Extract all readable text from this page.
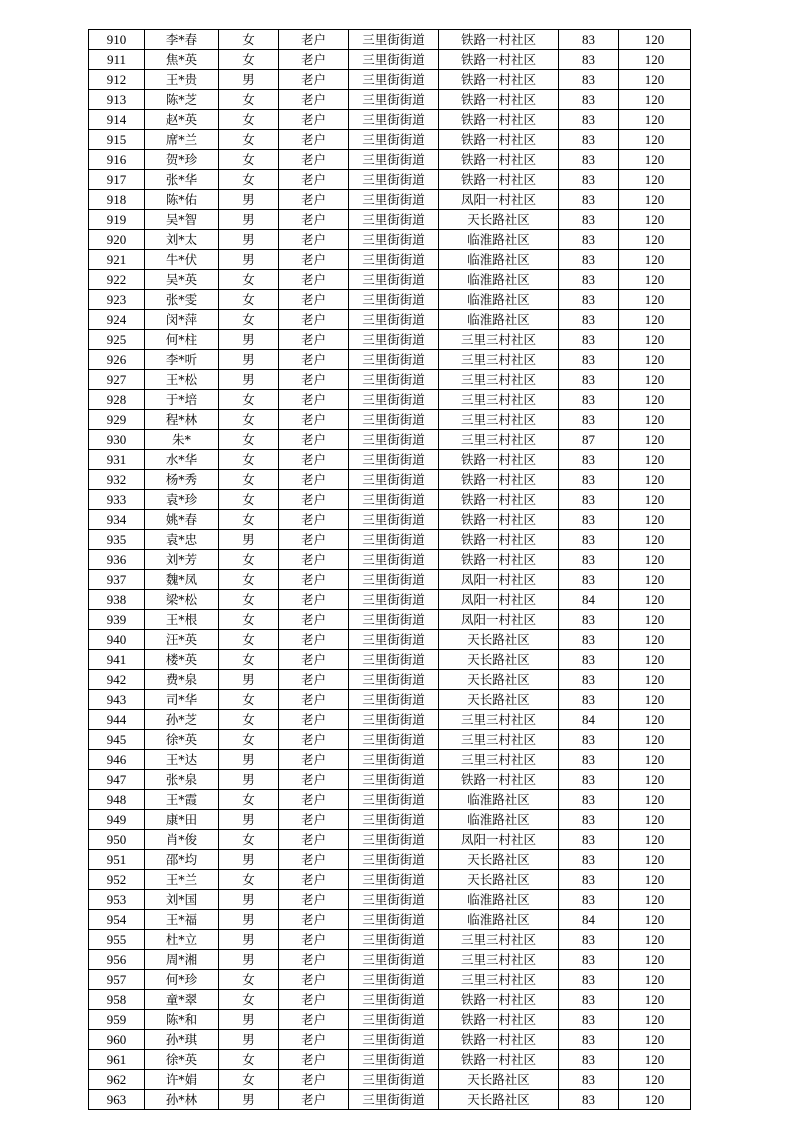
910	李*春	女	老户	三里街街道	铁路一村社区	83	120
911	焦*英	女	老户	三里街街道	铁路一村社区	83	120
912	王*贵	男	老户	三里街街道	铁路一村社区	83	120
913	陈*芝	女	老户	三里街街道	铁路一村社区	83	120
914	赵*英	女	老户	三里街街道	铁路一村社区	83	120
915	席*兰	女	老户	三里街街道	铁路一村社区	83	120
916	贺*珍	女	老户	三里街街道	铁路一村社区	83	120
917	张*华	女	老户	三里街街道	铁路一村社区	83	120
918	陈*佑	男	老户	三里街街道	凤阳一村社区	83	120
919	吴*智	男	老户	三里街街道	天长路社区	83	120
920	刘*太	男	老户	三里街街道	临淮路社区	83	120
921	牛*伏	男	老户	三里街街道	临淮路社区	83	120
922	吴*英	女	老户	三里街街道	临淮路社区	83	120
923	张*雯	女	老户	三里街街道	临淮路社区	83	120
924	闵*萍	女	老户	三里街街道	临淮路社区	83	120
925	何*柱	男	老户	三里街街道	三里三村社区	83	120
926	李*听	男	老户	三里街街道	三里三村社区	83	120
927	王*松	男	老户	三里街街道	三里三村社区	83	120
928	于*培	女	老户	三里街街道	三里三村社区	83	120
929	程*林	女	老户	三里街街道	三里三村社区	83	120
930	朱*	女	老户	三里街街道	三里三村社区	87	120
931	水*华	女	老户	三里街街道	铁路一村社区	83	120
932	杨*秀	女	老户	三里街街道	铁路一村社区	83	120
933	袁*珍	女	老户	三里街街道	铁路一村社区	83	120
934	姚*春	女	老户	三里街街道	铁路一村社区	83	120
935	袁*忠	男	老户	三里街街道	铁路一村社区	83	120
936	刘*芳	女	老户	三里街街道	铁路一村社区	83	120
937	魏*凤	女	老户	三里街街道	凤阳一村社区	83	120
938	梁*松	女	老户	三里街街道	凤阳一村社区	84	120
939	王*根	女	老户	三里街街道	凤阳一村社区	83	120
940	汪*英	女	老户	三里街街道	天长路社区	83	120
941	楼*英	女	老户	三里街街道	天长路社区	83	120
942	费*泉	男	老户	三里街街道	天长路社区	83	120
943	司*华	女	老户	三里街街道	天长路社区	83	120
944	孙*芝	女	老户	三里街街道	三里三村社区	84	120
945	徐*英	女	老户	三里街街道	三里三村社区	83	120
946	王*达	男	老户	三里街街道	三里三村社区	83	120
947	张*泉	男	老户	三里街街道	铁路一村社区	83	120
948	王*霞	女	老户	三里街街道	临淮路社区	83	120
949	康*田	男	老户	三里街街道	临淮路社区	83	120
950	肖*俊	女	老户	三里街街道	凤阳一村社区	83	120
951	邵*均	男	老户	三里街街道	天长路社区	83	120
952	王*兰	女	老户	三里街街道	天长路社区	83	120
953	刘*国	男	老户	三里街街道	临淮路社区	83	120
954	王*福	男	老户	三里街街道	临淮路社区	84	120
955	杜*立	男	老户	三里街街道	三里三村社区	83	120
956	周*湘	男	老户	三里街街道	三里三村社区	83	120
957	何*珍	女	老户	三里街街道	三里三村社区	83	120
958	童*翠	女	老户	三里街街道	铁路一村社区	83	120
959	陈*和	男	老户	三里街街道	铁路一村社区	83	120
960	孙*琪	男	老户	三里街街道	铁路一村社区	83	120
961	徐*英	女	老户	三里街街道	铁路一村社区	83	120
962	许*娟	女	老户	三里街街道	天长路社区	83	120
963	孙*林	男	老户	三里街街道	天长路社区	83	120
